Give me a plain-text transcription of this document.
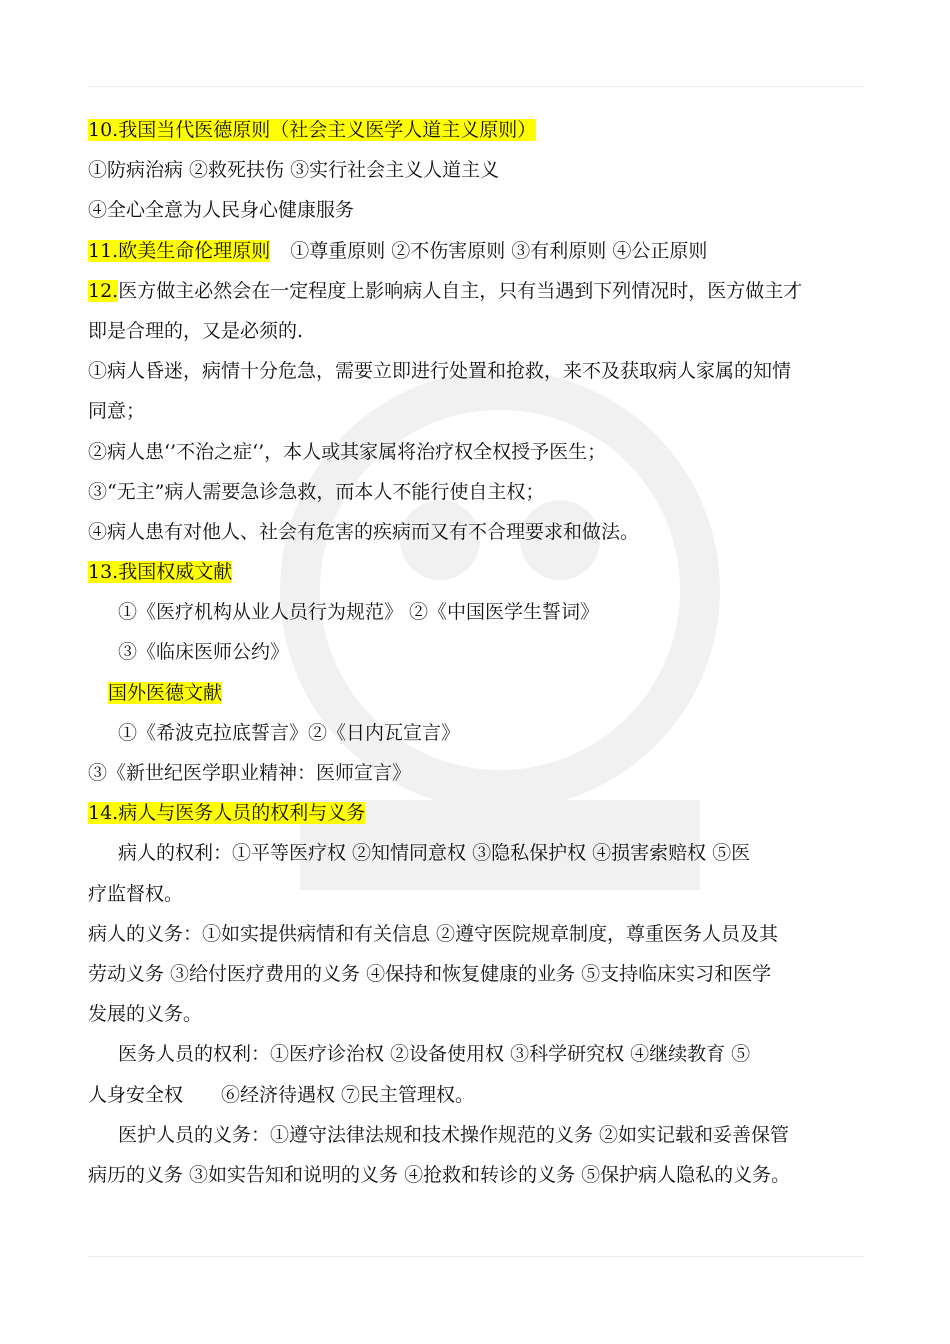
10.我国当代医德原则（社会主义医学人道主义原则）
①防病治病 ②救死扶伤 ③实行社会主义人道主义
④全心全意为人民身心健康服务
11.欧美生命伦理原则 ①尊重原则 ②不伤害原则 ③有利原则 ④公正原则
12.医方做主必然会在一定程度上影响病人自主，只有当遇到下列情况时，医方做主才
即是合理的，又是必须的.
①病人昏迷，病情十分危急，需要立即进行处置和抢救，来不及获取病人家属的知情
同意；
②病人患‘’不治之症‘’，本人或其家属将治疗权全权授予医生；
③“无主”病人需要急诊急救，而本人不能行使自主权；
④病人患有对他人、社会有危害的疾病而又有不合理要求和做法。
13.我国权威文献
①《医疗机构从业人员行为规范》 ②《中国医学生誓词》
③《临床医师公约》
国外医德文献
①《希波克拉底誓言》②《日内瓦宣言》
③《新世纪医学职业精神：医师宣言》
14.病人与医务人员的权利与义务
病人的权利：①平等医疗权 ②知情同意权 ③隐私保护权 ④损害索赔权 ⑤医
疗监督权。
病人的义务：①如实提供病情和有关信息 ②遵守医院规章制度，尊重医务人员及其
劳动义务 ③给付医疗费用的义务 ④保持和恢复健康的业务 ⑤支持临床实习和医学
发展的义务。
医务人员的权利：①医疗诊治权 ②设备使用权 ③科学研究权 ④继续教育 ⑤
人身安全权 ⑥经济待遇权 ⑦民主管理权。
医护人员的义务：①遵守法律法规和技术操作规范的义务 ②如实记载和妥善保管
病历的义务 ③如实告知和说明的义务 ④抢救和转诊的义务 ⑤保护病人隐私的义务。
